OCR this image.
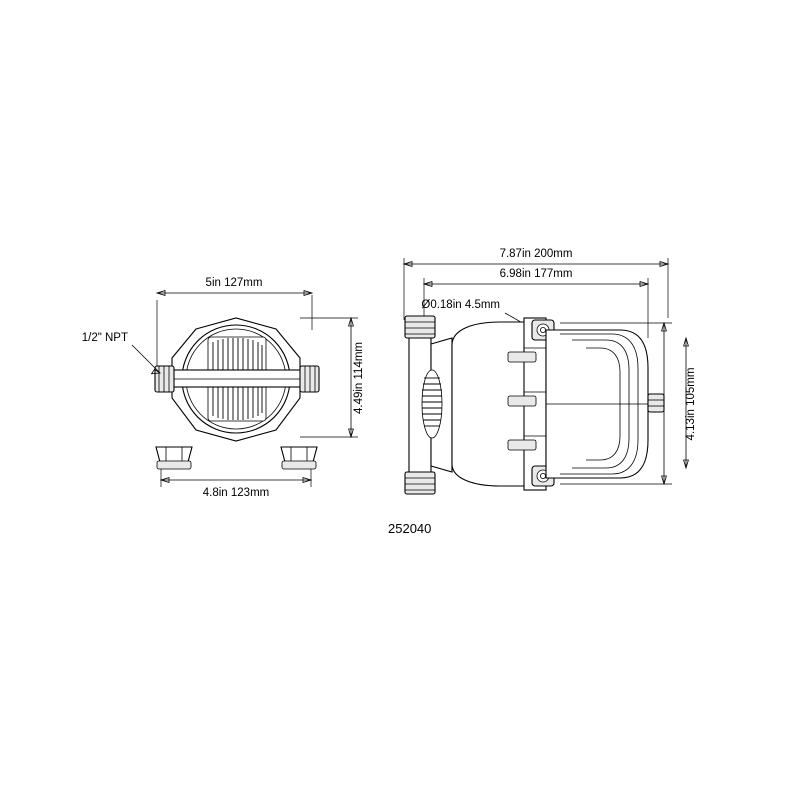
5in 127mm
4.49in 114mm
4.8in 123mm
1/2" NPT
7.87in 200mm
6.98in 177mm
4.13in 105mm
Ø0.18in 4.5mm
252040
